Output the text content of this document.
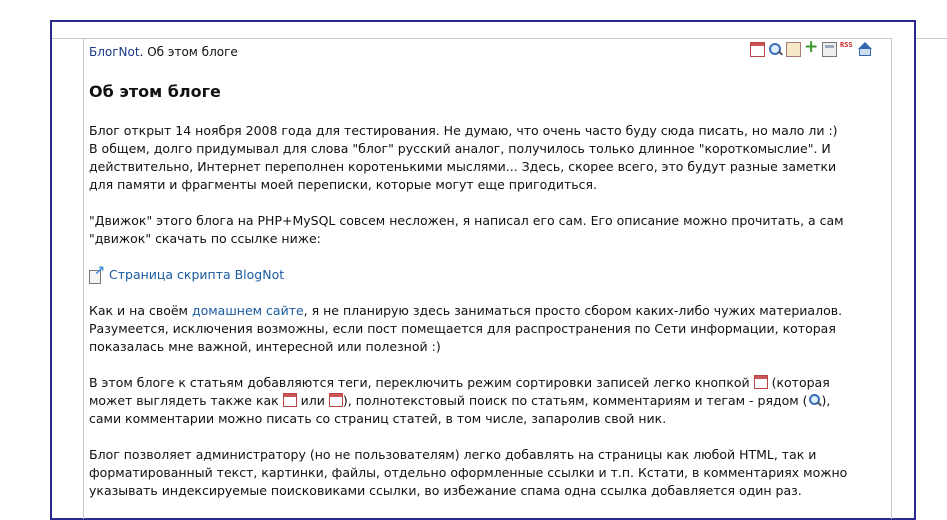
БлогNot. Об этом блоге
+	RSS
Об этом блоге

Блог открыт 14 ноября 2008 года для тестирования. Не думаю, что очень часто буду сюда писать, но мало ли :) В общем, долго придумывал для слова "блог" русский аналог, получилось только длинное "короткомыслие". И действительно, Интернет переполнен коротенькими мыслями... Здесь, скорее всего, это будут разные заметки для памяти и фрагменты моей переписки, которые могут еще пригодиться.

"Движок" этого блога на PHP+MySQL совсем несложен, я написал его сам. Его описание можно прочитать, а сам "движок" скачать по ссылке ниже:

↗
Страница скрипта BlogNot

Как и на своём домашнем сайте, я не планирую здесь заниматься просто сбором каких-либо чужих материалов. Разумеется, исключения возможны, если пост помещается для распространения по Сети информации, которая показалась мне важной, интересной или полезной :)

В этом блоге к статьям добавляются теги, переключить режим сортировки записей легко кнопкой  (которая может выглядеть также как  или ), полнотекстовый поиск по статьям, комментариям и тегам - рядом ( ), сами комментарии можно писать со страниц статей, в том числе, запаролив свой ник.

Блог позволяет администратору (но не пользователям) легко добавлять на страницы как любой HTML, так и форматированный текст, картинки, файлы, отдельно оформленные ссылки и т.п. Кстати, в комментариях можно указывать индексируемые поисковиками ссылки, во избежание спама одна ссылка добавляется один раз.
